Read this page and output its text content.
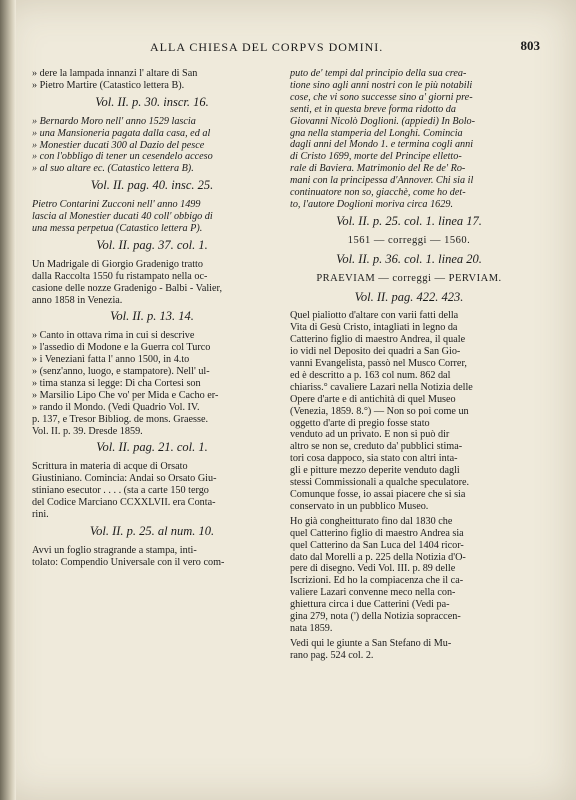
ALLA CHIESA DEL CORPVS DOMINI.	803

» dere la lampada innanzi l' altare di San
» Pietro Martire (Catastico lettera B).

Vol. II. p. 30. inscr. 16.

» Bernardo Moro nell' anno 1529 lascia
» una Mansioneria pagata dalla casa, ed al
» Monestier ducati 300 al Dazio del pesce
» con l'obbligo di tener un cesendelo acceso
» al suo altare ec. (Catastico lettera B).

Vol. II. pag. 40. insc. 25.

Pietro Contarini Zucconi nell' anno 1499
lascia al Monestier ducati 40 coll' obbigo di
una messa perpetua (Catastico lettera P).

Vol. II. pag. 37. col. 1.

Un Madrigale di Giorgio Gradenigo tratto
dalla Raccolta 1550 fu ristampato nella oc-
casione delle nozze Gradenigo - Balbi - Valier,
anno 1858 in Venezia.

Vol. II. p. 13. 14.

» Canto in ottava rima in cui si descrive
» l'assedio di Modone e la Guerra col Turco
» i Venezianì fatta l' anno 1500, in 4.to
» (senz'anno, luogo, e stampatore). Nell' ul-
» tima stanza si legge: Di cha Cortesi son
» Marsilio Lipo Che vo' per Mida e Cacho er-
» rando il Mondo. (Vedi Quadrio Vol. IV.
p. 137, e Tresor Bibliog. de mons. Graesse.
Vol. II. p. 39. Dresde 1859.

Vol. II. pag. 21. col. 1.

Scrittura in materia di acque di Orsato
Giustiniano. Comincia: Andai so Orsato Giu-
stiniano esecutor . . . . (sta a carte 150 tergo
del Codice Marciano CCXXLVII. era Conta-
rini.

Vol. II. p. 25. al num. 10.

Avvi un foglio stragrande a stampa, inti-
tolato: Compendio Universale con il vero com-

puto de' tempi dal principio della sua crea-
tione sino agli anni nostri con le più notabili
cose, che vi sono successe sino a' giorni pre-
senti, et in questa breve forma ridotto da
Giovanni Nicolò Doglioni. (appiedi) In Bolo-
gna nella stamperia del Longhi. Comincia
dagli anni del Mondo 1. e termina cogli anni
di Cristo 1699, morte del Principe elletto-
rale di Baviera. Matrimonio del Re de' Ro-
mani con la principessa d'Annover. Chi sia il
continuatore non so, giacchè, come ho det-
to, l'autore Doglioni moriva circa 1629.

Vol. II. p. 25. col. 1. linea 17.
1561 — correggi — 1560.
Vol. II. p. 36. col. 1. linea 20.
PRAEVIAM — correggi — PERVIAM.
Vol. II. pag. 422. 423.

Quel pialiotto d'altare con varii fatti della
Vita di Gesù Cristo, intagliati in legno da
Catterino figlio di maestro Andrea, il quale
io vidi nel Deposito dei quadri a San Gio-
vanni Evangelista, passò nel Musco Correr,
ed è descritto a p. 163 col num. 862 dal
chiariss.° cavaliere Lazari nella Notizia delle
Opere d'arte e di antichità di quel Museo
(Venezia, 1859. 8.°) — Non so poi come un
oggetto d'arte di pregio fosse stato
venduto ad un privato. E non si può dir
altro se non se, creduto da' pubblici stima-
tori cosa dappoco, sia stato con altri inta-
gli e pitture mezzo deperite venduto dagli
stessi Commissionali a qualche speculatore.
Comunque fosse, io assai piacere che si sia
conservato in un pubblico Museo.

Ho già congheitturato fino dal 1830 che
quel Catterino figlio di maestro Andrea sia
quel Catterino da San Luca del 1404 ricor-
dato dal Morelli a p. 225 della Notizia d'O-
pere di disegno. Vedi Vol. III. p. 89 delle
Iscrizioni. Ed ho la compiacenza che il ca-
valiere Lazari convenne meco nella con-
ghiettura circa i due Catterini (Vedi pa-
gina 279, nota (') della Notizia sopraccen-
nata 1859.

Vedi qui le giunte a San Stefano di Mu-
rano pag. 524 col. 2.
